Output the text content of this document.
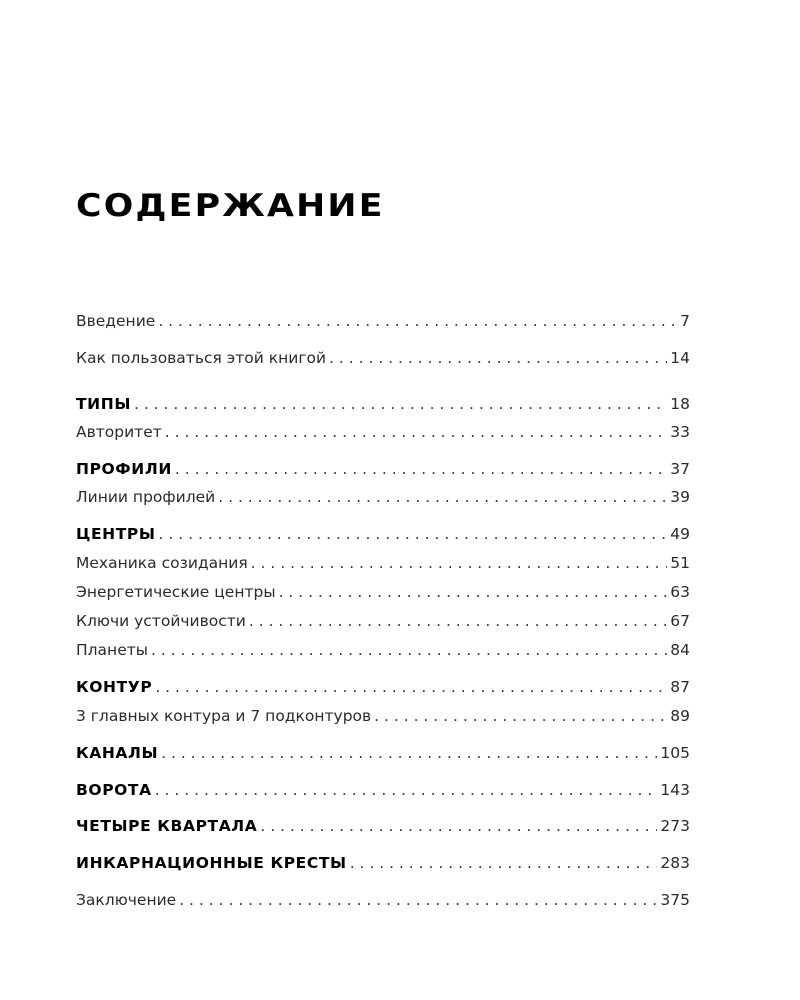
СОДЕРЖАНИЕ
Введение . . .	7
Как пользоваться этой книгой . . .	14
ТИПЫ . . .	18
Авторитет . . .	33
ПРОФИЛИ . . .	37
Линии профилей . . .	39
ЦЕНТРЫ . . .	49
Механика созидания . . .	51
Энергетические центры . . .	63
Ключи устойчивости . . .	67
Планеты . . .	84
КОНТУР . . .	87
3 главных контура и 7 подконтуров . . .	89
КАНАЛЫ . . .	105
ВОРОТА . . .	143
ЧЕТЫРЕ КВАРТАЛА . . .	273
ИНКАРНАЦИОННЫЕ КРЕСТЫ . . .	283
Заключение . . .	375
